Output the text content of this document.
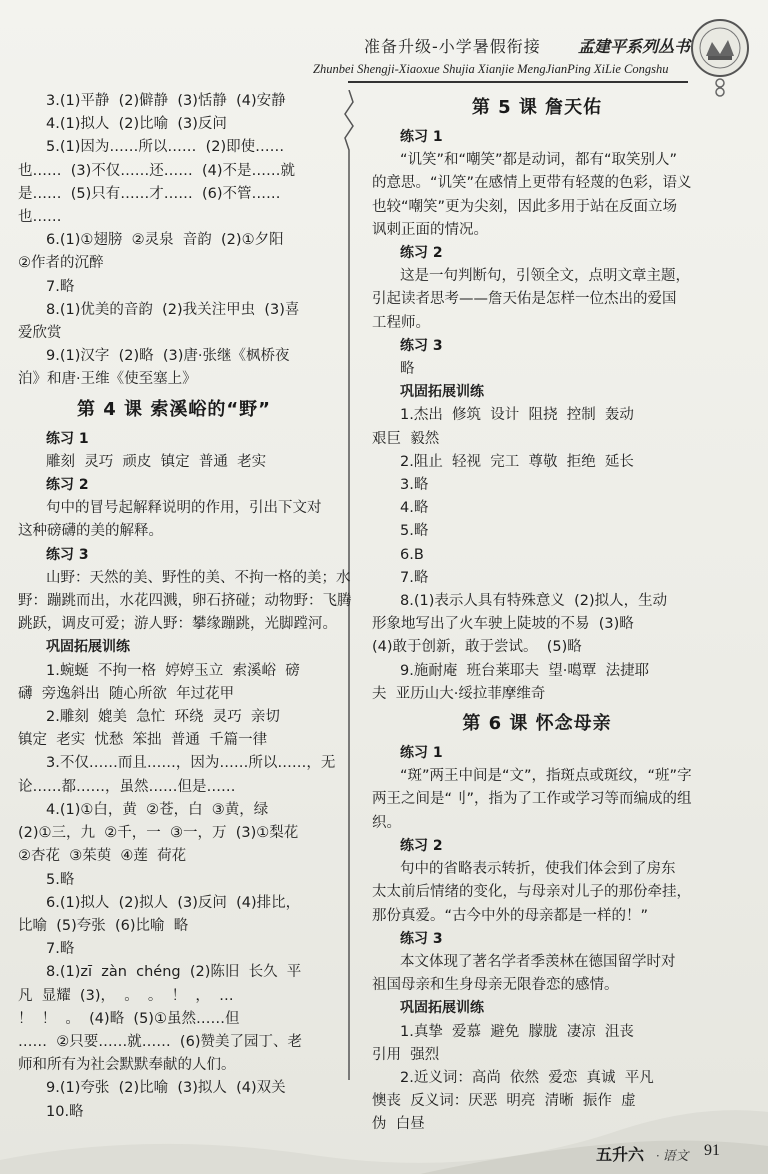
准备升级-小学暑假衔接 孟建平系列丛书
Zhunbei Shengji-Xiaoxue Shujia Xianjie MengJianPing XiLie Congshu
3.(1)平静  (2)僻静  (3)恬静  (4)安静
4.(1)拟人  (2)比喻  (3)反问
5.(1)因为……所以……  (2)即使……
也……  (3)不仅……还……  (4)不是……就
是……  (5)只有……才……  (6)不管……
也……
6.(1)①翅膀  ②灵泉  音韵  (2)①夕阳
②作者的沉醉
7.略
8.(1)优美的音韵  (2)我关注甲虫  (3)喜
爱欣赏
9.(1)汉字  (2)略  (3)唐·张继《枫桥夜
泊》和唐·王维《使至塞上》
第 4 课 索溪峪的“野”
练习 1
雕刻  灵巧  顽皮  镇定  普通  老实
练习 2
句中的冒号起解释说明的作用，引出下文对
这种磅礴的美的解释。
练习 3
山野：天然的美、野性的美、不拘一格的美；水
野：蹦跳而出，水花四溅，卵石挤碰；动物野：飞腾
跳跃，调皮可爱；游人野：攀缘蹦跳，光脚蹚河。
巩固拓展训练
1.蜿蜒  不拘一格  婷婷玉立  索溪峪  磅
礴  旁逸斜出  随心所欲  年过花甲
2.雕刻  媲美  急忙  环绕  灵巧  亲切
镇定  老实  忧愁  笨拙  普通  千篇一律
3.不仅……而且……，因为……所以……，无
论……都……，虽然……但是……
4.(1)①白，黄  ②苍，白  ③黄，绿
(2)①三，九  ②千，一  ③一，万  (3)①梨花
②杏花  ③茱萸  ④莲  荷花
5.略
6.(1)拟人  (2)拟人  (3)反问  (4)排比，
比喻  (5)夸张  (6)比喻  略
7.略
8.(1)zī  zàn  chéng  (2)陈旧  长久  平
凡  显耀  (3)，  。  。  ！  ，  …
！  ！  。  (4)略  (5)①虽然……但
……  ②只要……就……  (6)赞美了园丁、老
师和所有为社会默默奉献的人们。
9.(1)夸张  (2)比喻  (3)拟人  (4)双关
10.略
第 5 课 詹天佑
练习 1
“讥笑”和“嘲笑”都是动词，都有“取笑别人”
的意思。“讥笑”在感情上更带有轻蔑的色彩，语义
也较“嘲笑”更为尖刻，因此多用于站在反面立场
讽刺正面的情况。
练习 2
这是一句判断句，引领全文，点明文章主题，
引起读者思考——詹天佑是怎样一位杰出的爱国
工程师。
练习 3
略
巩固拓展训练
1.杰出  修筑  设计  阻挠  控制  轰动
艰巨  毅然
2.阻止  轻视  完工  尊敬  拒绝  延长
3.略
4.略
5.略
6.B
7.略
8.(1)表示人具有特殊意义  (2)拟人，生动
形象地写出了火车驶上陡坡的不易  (3)略
(4)敢于创新，敢于尝试。  (5)略
9.施耐庵  班台莱耶夫  望·噶覃  法捷耶
夫  亚历山大·绥拉菲摩维奇
第 6 课 怀念母亲
练习 1
“斑”两王中间是“文”，指斑点或斑纹，“班”字
两王之间是“刂”，指为了工作或学习等而编成的组
织。
练习 2
句中的省略表示转折，使我们体会到了房东
太太前后情绪的变化，与母亲对儿子的那份牵挂，
那份真爱。“古今中外的母亲都是一样的！”
练习 3
本文体现了著名学者季羡林在德国留学时对
祖国母亲和生身母亲无限眷恋的感情。
巩固拓展训练
1.真挚  爱慕  避免  朦胧  凄凉  沮丧
引用  强烈
2.近义词：高尚  依然  爱恋  真诚  平凡
懊丧  反义词：厌恶  明亮  清晰  振作  虚
伪  白昼
五升六 · 语文 91
